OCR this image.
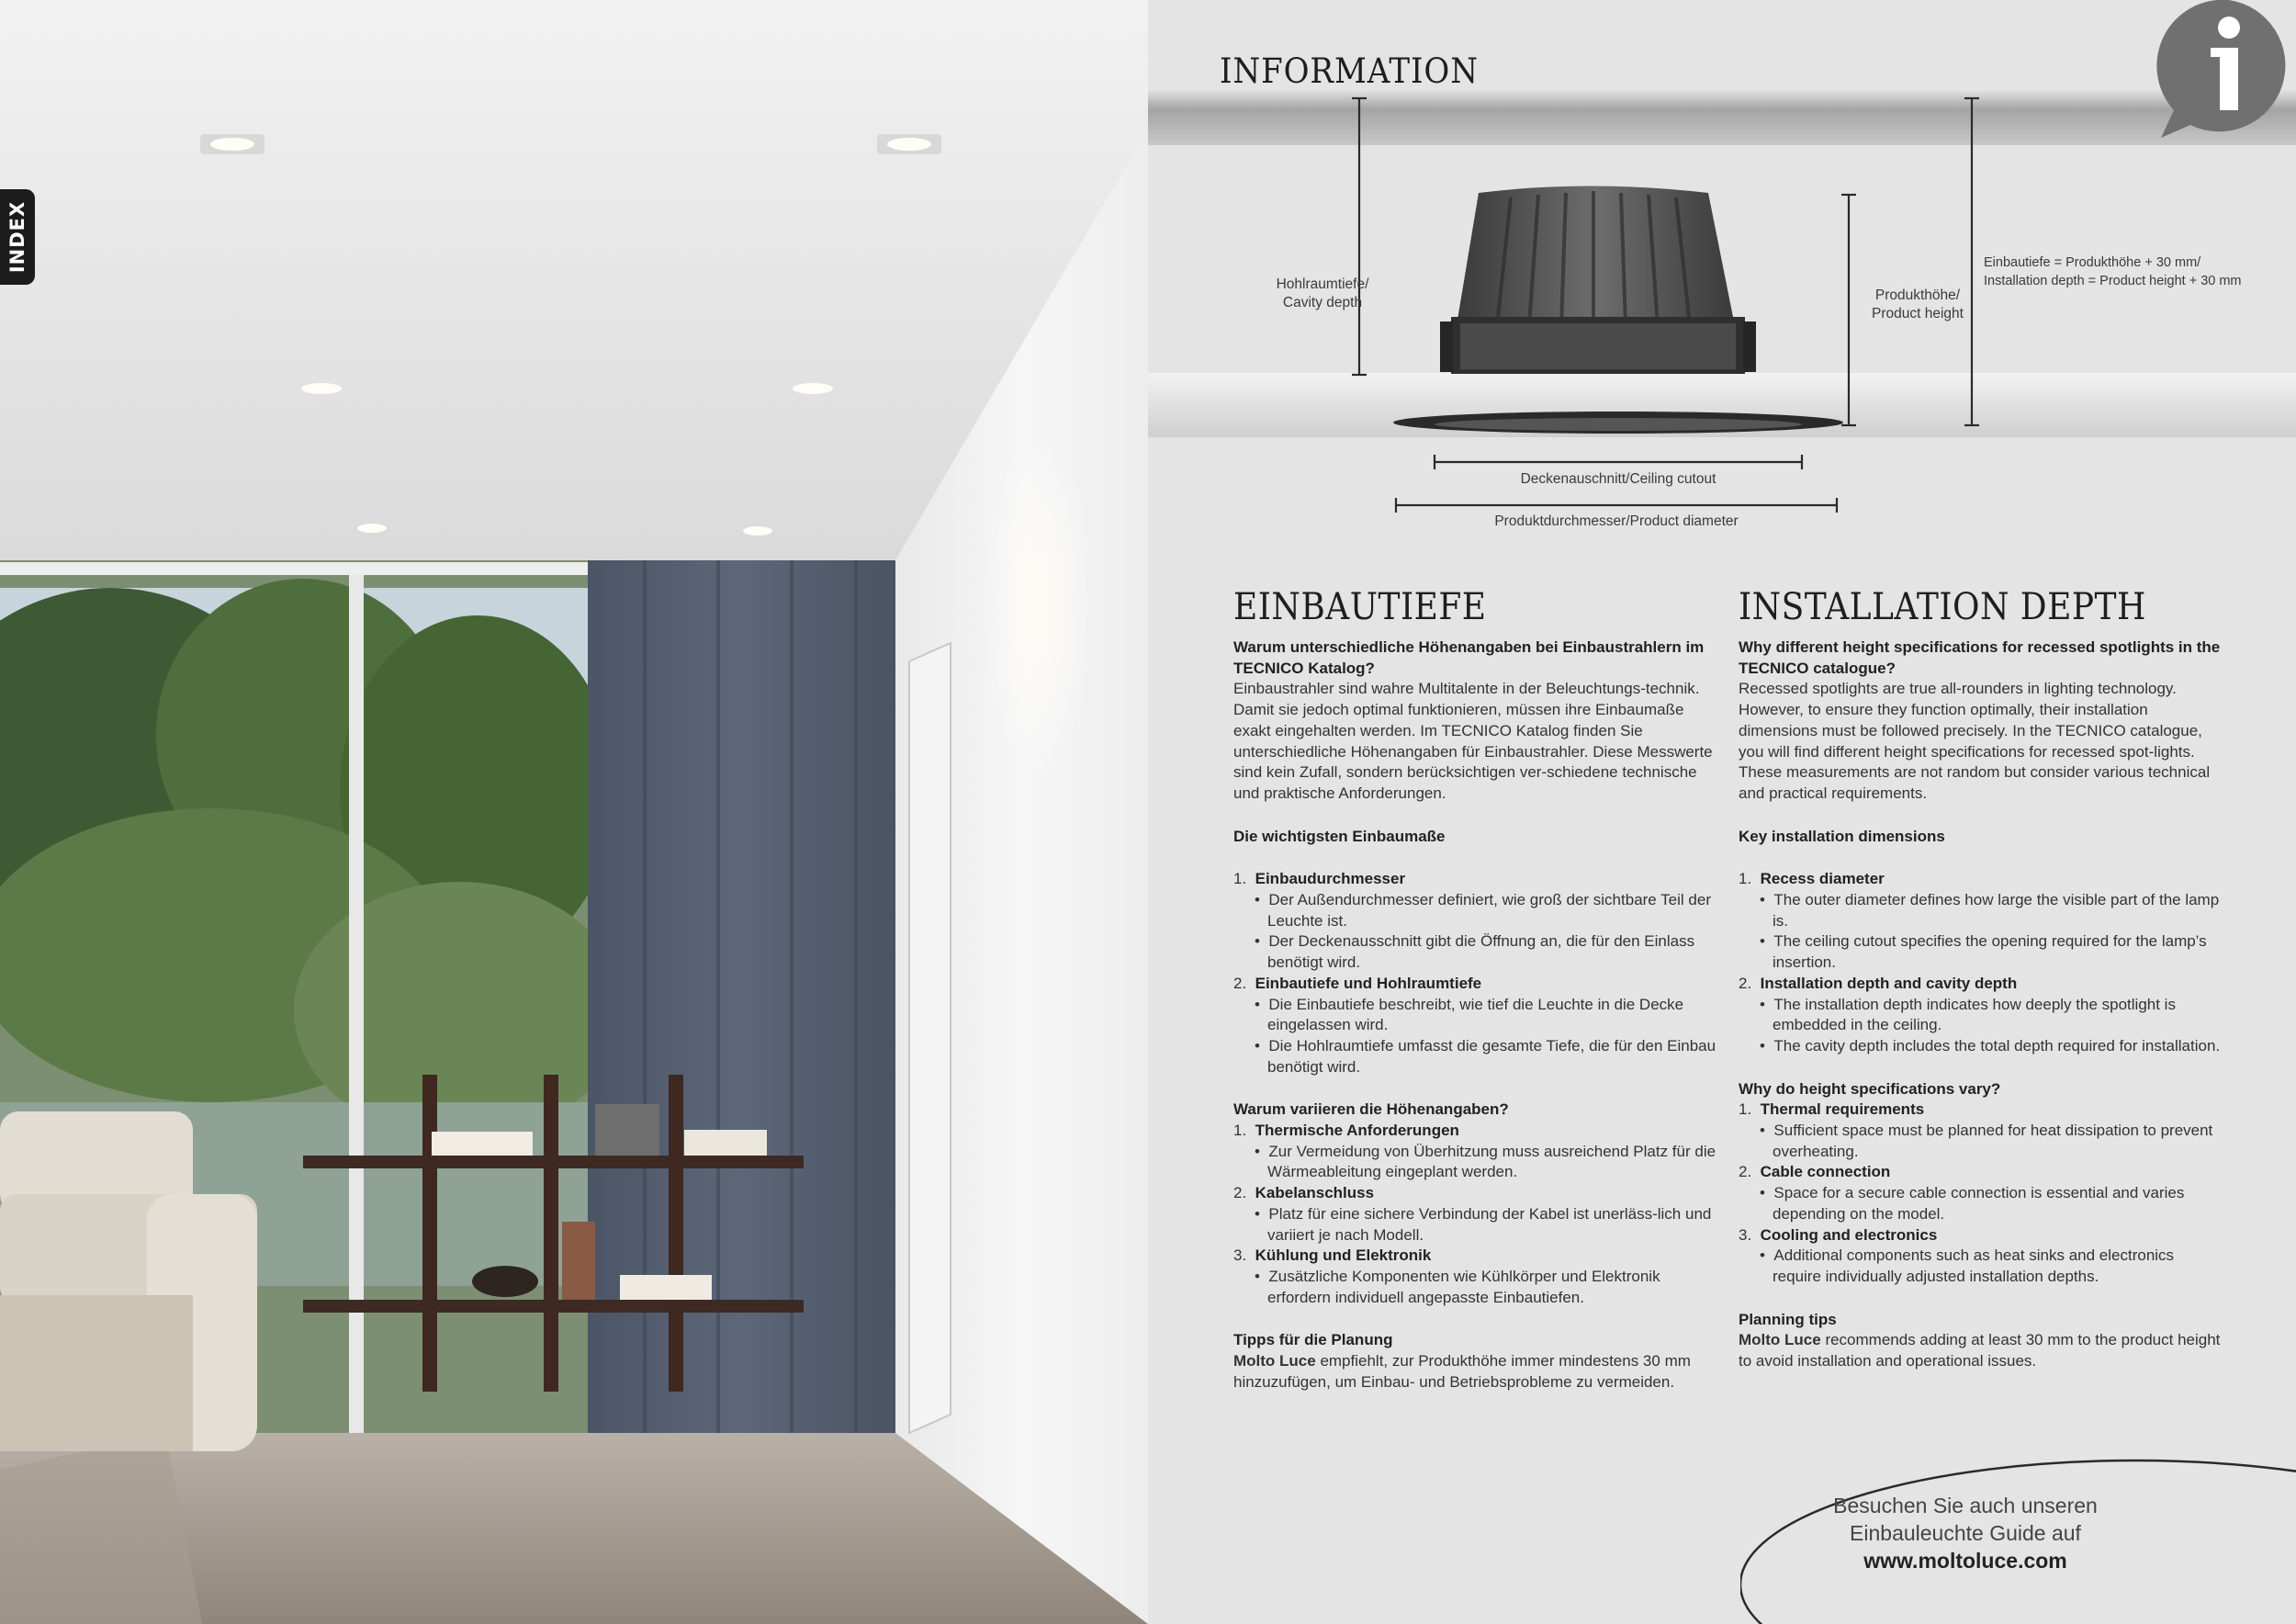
INDEX
INFORMATION
Hohlraumtiefe/
Cavity depth	Produkthöhe/
Product height
Einbautiefe = Produkthöhe + 30 mm/
Installation depth = Product height + 30 mm
Deckenauschnitt/Ceiling cutout
Produktdurchmesser/Product diameter
EINBAUTIEFE

Warum unterschiedliche Höhenangaben bei Einbaustrahlern im TECNICO Katalog?

Einbaustrahler sind wahre Multitalente in der Beleuchtungs-technik. Damit sie jedoch optimal funktionieren, müssen ihre Einbaumaße exakt eingehalten werden. Im TECNICO Katalog finden Sie unterschiedliche Höhenangaben für Einbaustrahler. Diese Messwerte sind kein Zufall, sondern berücksichtigen ver-schiedene technische und praktische Anforderungen.

Die wichtigsten Einbaumaße

1.  Einbaudurchmesser
•  Der Außendurchmesser definiert, wie groß der sichtbare Teil der Leuchte ist.
•  Der Deckenausschnitt gibt die Öffnung an, die für den Einlass benötigt wird.
2.  Einbautiefe und Hohlraumtiefe
•  Die Einbautiefe beschreibt, wie tief die Leuchte in die Decke eingelassen wird.
•  Die Hohlraumtiefe umfasst die gesamte Tiefe, die für den Einbau benötigt wird.

Warum variieren die Höhenangaben?

1.  Thermische Anforderungen
•  Zur Vermeidung von Überhitzung muss ausreichend Platz für die Wärmeableitung eingeplant werden.
2.  Kabelanschluss
•  Platz für eine sichere Verbindung der Kabel ist unerläss-lich und variiert je nach Modell.
3.  Kühlung und Elektronik
•  Zusätzliche Komponenten wie Kühlkörper und Elektronik erfordern individuell angepasste Einbautiefen.

Tipps für die Planung

Molto Luce empfiehlt, zur Produkthöhe immer mindestens 30 mm hinzuzufügen, um Einbau- und Betriebsprobleme zu vermeiden.

INSTALLATION DEPTH

Why different height specifications for recessed spotlights in the TECNICO catalogue?

Recessed spotlights are true all-rounders in lighting technology. However, to ensure they function optimally, their installation dimensions must be followed precisely. In the TECNICO catalogue, you will find different height specifications for recessed spot-lights. These measurements are not random but consider various technical and practical requirements.

Key installation dimensions

1.  Recess diameter
•  The outer diameter defines how large the visible part of the lamp is.
•  The ceiling cutout specifies the opening required for the lamp’s insertion.
2.  Installation depth and cavity depth
•  The installation depth indicates how deeply the spotlight is embedded in the ceiling.
•  The cavity depth includes the total depth required for installation.

Why do height specifications vary?

1.  Thermal requirements
•  Sufficient space must be planned for heat dissipation to prevent overheating.
2.  Cable connection
•  Space for a secure cable connection is essential and varies depending on the model.
3.  Cooling and electronics
•  Additional components such as heat sinks and electronics require individually adjusted installation depths.

Planning tips

Molto Luce recommends adding at least 30 mm to the product height to avoid installation and operational issues.

Besuchen Sie auch unseren
Einbauleuchte Guide auf
www.moltoluce.com
